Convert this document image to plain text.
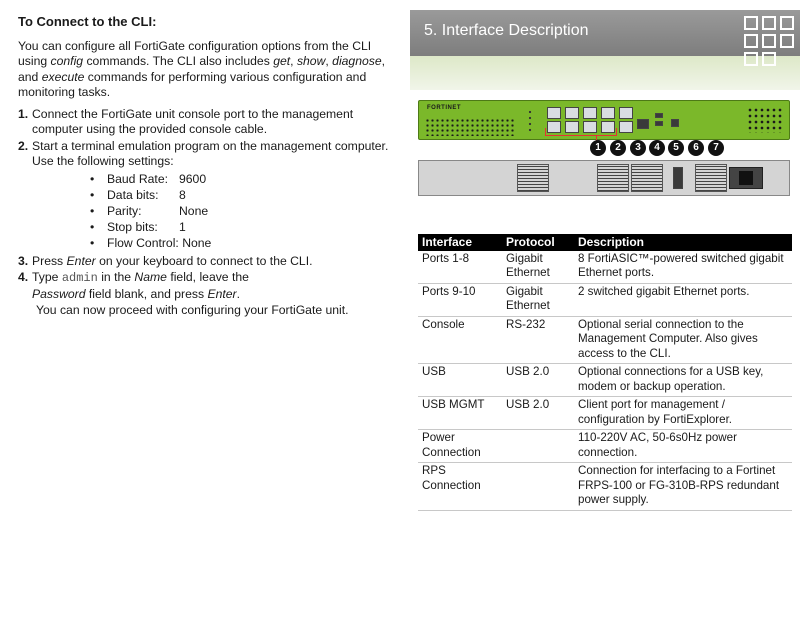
To Connect to the CLI:

You can configure all FortiGate configuration options from the CLI using config commands. The CLI also includes get, show, diagnose, and execute commands for performing various configuration and monitoring tasks.

1. Connect the FortiGate unit console port to the management computer using the provided console cable.
2. Start a terminal emulation program on the management computer. Use the following settings:
•	Baud Rate: 9600
•	Data bits:	8
•	Parity:	None
•	Stop bits:	1
•	Flow Control:
None
3. Press Enter on your keyboard to connect to the CLI.
4. Type admin in the Name field, leave the
Password field blank, and press Enter.

You can now proceed with configuring your FortiGate unit.

5. Interface Description
FORTINET
1	2	3	4	5	6	7
Interface	Protocol	Description
Ports 1-8	Gigabit Ethernet	8 FortiASIC™-powered switched gigabit Ethernet ports.
Ports 9-10	Gigabit Ethernet	2 switched gigabit Ethernet ports.
Console	RS-232	Optional serial connection to the Management Computer. Also gives access to the CLI.
USB	USB 2.0	Optional connections for a USB key, modem or backup operation.
USB MGMT	USB 2.0	Client port for management / configuration by FortiExplorer.
Power Connection		110-220V AC, 50-6s0Hz power connection.
RPS Connection		Connection for interfacing to a Fortinet FRPS-100 or FG-310B-RPS redundant power supply.
